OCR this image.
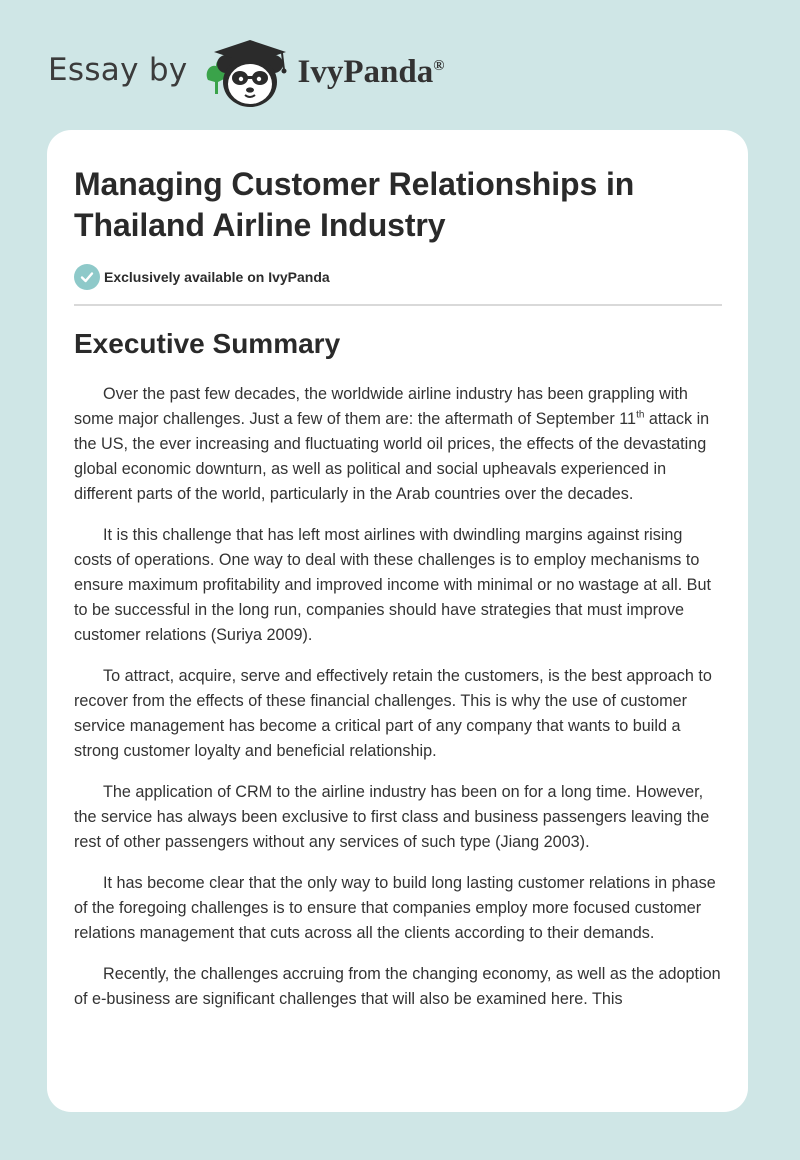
Essay by	IvyPanda®
Managing Customer Relationships in Thailand Airline Industry
Exclusively available on IvyPanda
Executive Summary

Over the past few decades, the worldwide airline industry has been grappling with some major challenges. Just a few of them are: the aftermath of September 11th attack in the US, the ever increasing and fluctuating world oil prices, the effects of the devastating global economic downturn, as well as political and social upheavals experienced in different parts of the world, particularly in the Arab countries over the decades.

It is this challenge that has left most airlines with dwindling margins against rising costs of operations. One way to deal with these challenges is to employ mechanisms to ensure maximum profitability and improved income with minimal or no wastage at all. But to be successful in the long run, companies should have strategies that must improve customer relations (Suriya 2009).

To attract, acquire, serve and effectively retain the customers, is the best approach to recover from the effects of these financial challenges. This is why the use of customer service management has become a critical part of any company that wants to build a strong customer loyalty and beneficial relationship.

The application of CRM to the airline industry has been on for a long time. However, the service has always been exclusive to first class and business passengers leaving the rest of other passengers without any services of such type (Jiang 2003).

It has become clear that the only way to build long lasting customer relations in phase of the foregoing challenges is to ensure that companies employ more focused customer relations management that cuts across all the clients according to their demands.

Recently, the challenges accruing from the changing economy, as well as the adoption of e-business are significant challenges that will also be examined here. This
